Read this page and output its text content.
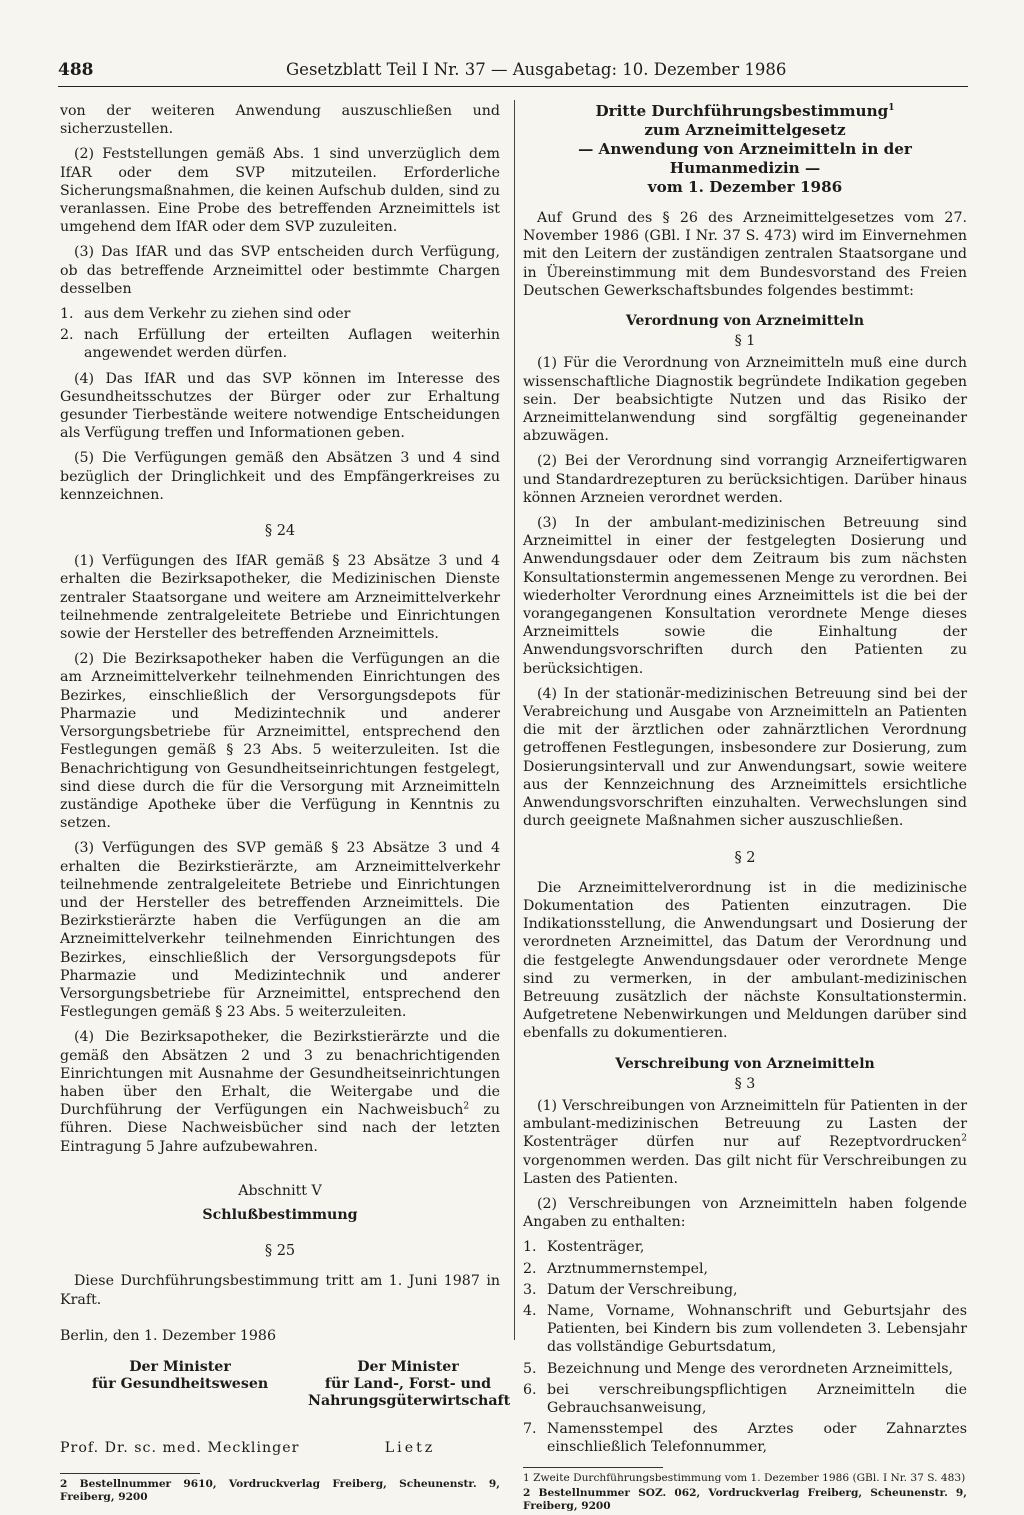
488	Gesetzblatt Teil I Nr. 37 — Ausgabetag: 10. Dezember 1986

von der weiteren Anwendung auszuschließen und sicherzustellen.

(2) Feststellungen gemäß Abs. 1 sind unverzüglich dem IfAR oder dem SVP mitzuteilen. Erforderliche Sicherungsmaßnahmen, die keinen Aufschub dulden, sind zu veranlassen. Eine Probe des betreffenden Arzneimittels ist umgehend dem IfAR oder dem SVP zuzuleiten.

(3) Das IfAR und das SVP entscheiden durch Verfügung, ob das betreffende Arzneimittel oder bestimmte Chargen desselben

1. aus dem Verkehr zu ziehen sind oder
2. nach Erfüllung der erteilten Auflagen weiterhin angewendet werden dürfen.

(4) Das IfAR und das SVP können im Interesse des Gesundheitsschutzes der Bürger oder zur Erhaltung gesunder Tierbestände weitere notwendige Entscheidungen als Verfügung treffen und Informationen geben.

(5) Die Verfügungen gemäß den Absätzen 3 und 4 sind bezüglich der Dringlichkeit und des Empfängerkreises zu kennzeichnen.

§ 24

(1) Verfügungen des IfAR gemäß § 23 Absätze 3 und 4 erhalten die Bezirksapotheker, die Medizinischen Dienste zentraler Staatsorgane und weitere am Arzneimittelverkehr teilnehmende zentralgeleitete Betriebe und Einrichtungen sowie der Hersteller des betreffenden Arzneimittels.

(2) Die Bezirksapotheker haben die Verfügungen an die am Arzneimittelverkehr teilnehmenden Einrichtungen des Bezirkes, einschließlich der Versorgungsdepots für Pharmazie und Medizintechnik und anderer Versorgungsbetriebe für Arzneimittel, entsprechend den Festlegungen gemäß § 23 Abs. 5 weiterzuleiten. Ist die Benachrichtigung von Gesundheitseinrichtungen festgelegt, sind diese durch die für die Versorgung mit Arzneimitteln zuständige Apotheke über die Verfügung in Kenntnis zu setzen.

(3) Verfügungen des SVP gemäß § 23 Absätze 3 und 4 erhalten die Bezirkstierärzte, am Arzneimittelverkehr teilnehmende zentralgeleitete Betriebe und Einrichtungen und der Hersteller des betreffenden Arzneimittels. Die Bezirkstierärzte haben die Verfügungen an die am Arzneimittelverkehr teilnehmenden Einrichtungen des Bezirkes, einschließlich der Versorgungsdepots für Pharmazie und Medizintechnik und anderer Versorgungsbetriebe für Arzneimittel, entsprechend den Festlegungen gemäß § 23 Abs. 5 weiterzuleiten.

(4) Die Bezirksapotheker, die Bezirkstierärzte und die gemäß den Absätzen 2 und 3 zu benachrichtigenden Einrichtungen mit Ausnahme der Gesundheitseinrichtungen haben über den Erhalt, die Weitergabe und die Durchführung der Verfügungen ein Nachweisbuch$^2$ zu führen. Diese Nachweisbücher sind nach der letzten Eintragung 5 Jahre aufzubewahren.

Abschnitt V
Schlußbestimmung
§ 25

Diese Durchführungsbestimmung tritt am 1. Juni 1987 in Kraft.

Berlin, den 1. Dezember 1986

Der Minister
für Gesundheitswesen
Der Minister
für Land-, Forst- und
Nahrungsgüterwirtschaft
Prof. Dr. sc. med. Mecklinger	Lietz

2 Bestellnummer 9610, Vordruckverlag Freiberg, Scheunenstr. 9, Freiberg, 9200

Dritte Durchführungsbestimmung$^1$
zum Arzneimittelgesetz
— Anwendung von Arzneimitteln in der Humanmedizin —
vom 1. Dezember 1986

Auf Grund des § 26 des Arzneimittelgesetzes vom 27. November 1986 (GBl. I Nr. 37 S. 473) wird im Einvernehmen mit den Leitern der zuständigen zentralen Staatsorgane und in Übereinstimmung mit dem Bundesvorstand des Freien Deutschen Gewerkschaftsbundes folgendes bestimmt:

Verordnung von Arzneimitteln
§ 1

(1) Für die Verordnung von Arzneimitteln muß eine durch wissenschaftliche Diagnostik begründete Indikation gegeben sein. Der beabsichtigte Nutzen und das Risiko der Arzneimittelanwendung sind sorgfältig gegeneinander abzuwägen.

(2) Bei der Verordnung sind vorrangig Arzneifertigwaren und Standardrezepturen zu berücksichtigen. Darüber hinaus können Arzneien verordnet werden.

(3) In der ambulant-medizinischen Betreuung sind Arzneimittel in einer der festgelegten Dosierung und Anwendungsdauer oder dem Zeitraum bis zum nächsten Konsultationstermin angemessenen Menge zu verordnen. Bei wiederholter Verordnung eines Arzneimittels ist die bei der vorangegangenen Konsultation verordnete Menge dieses Arzneimittels sowie die Einhaltung der Anwendungsvorschriften durch den Patienten zu berücksichtigen.

(4) In der stationär-medizinischen Betreuung sind bei der Verabreichung und Ausgabe von Arzneimitteln an Patienten die mit der ärztlichen oder zahnärztlichen Verordnung getroffenen Festlegungen, insbesondere zur Dosierung, zum Dosierungsintervall und zur Anwendungsart, sowie weitere aus der Kennzeichnung des Arzneimittels ersichtliche Anwendungsvorschriften einzuhalten. Verwechslungen sind durch geeignete Maßnahmen sicher auszuschließen.

§ 2

Die Arzneimittelverordnung ist in die medizinische Dokumentation des Patienten einzutragen. Die Indikationsstellung, die Anwendungsart und Dosierung der verordneten Arzneimittel, das Datum der Verordnung und die festgelegte Anwendungsdauer oder verordnete Menge sind zu vermerken, in der ambulant-medizinischen Betreuung zusätzlich der nächste Konsultationstermin. Aufgetretene Nebenwirkungen und Meldungen darüber sind ebenfalls zu dokumentieren.

Verschreibung von Arzneimitteln
§ 3

(1) Verschreibungen von Arzneimitteln für Patienten in der ambulant-medizinischen Betreuung zu Lasten der Kostenträger dürfen nur auf Rezeptvordrucken$^2$ vorgenommen werden. Das gilt nicht für Verschreibungen zu Lasten des Patienten.

(2) Verschreibungen von Arzneimitteln haben folgende Angaben zu enthalten:

1. Kostenträger,
2. Arztnummernstempel,
3. Datum der Verschreibung,
4. Name, Vorname, Wohnanschrift und Geburtsjahr des Patienten, bei Kindern bis zum vollendeten 3. Lebensjahr das vollständige Geburtsdatum,
5. Bezeichnung und Menge des verordneten Arzneimittels,
6. bei verschreibungspflichtigen Arzneimitteln die Gebrauchsanweisung,
7. Namensstempel des Arztes oder Zahnarztes einschließlich Telefonnummer,

1 Zweite Durchführungsbestimmung vom 1. Dezember 1986 (GBl. I Nr. 37 S. 483)

2 Bestellnummer SOZ. 062, Vordruckverlag Freiberg, Scheunenstr. 9, Freiberg, 9200
